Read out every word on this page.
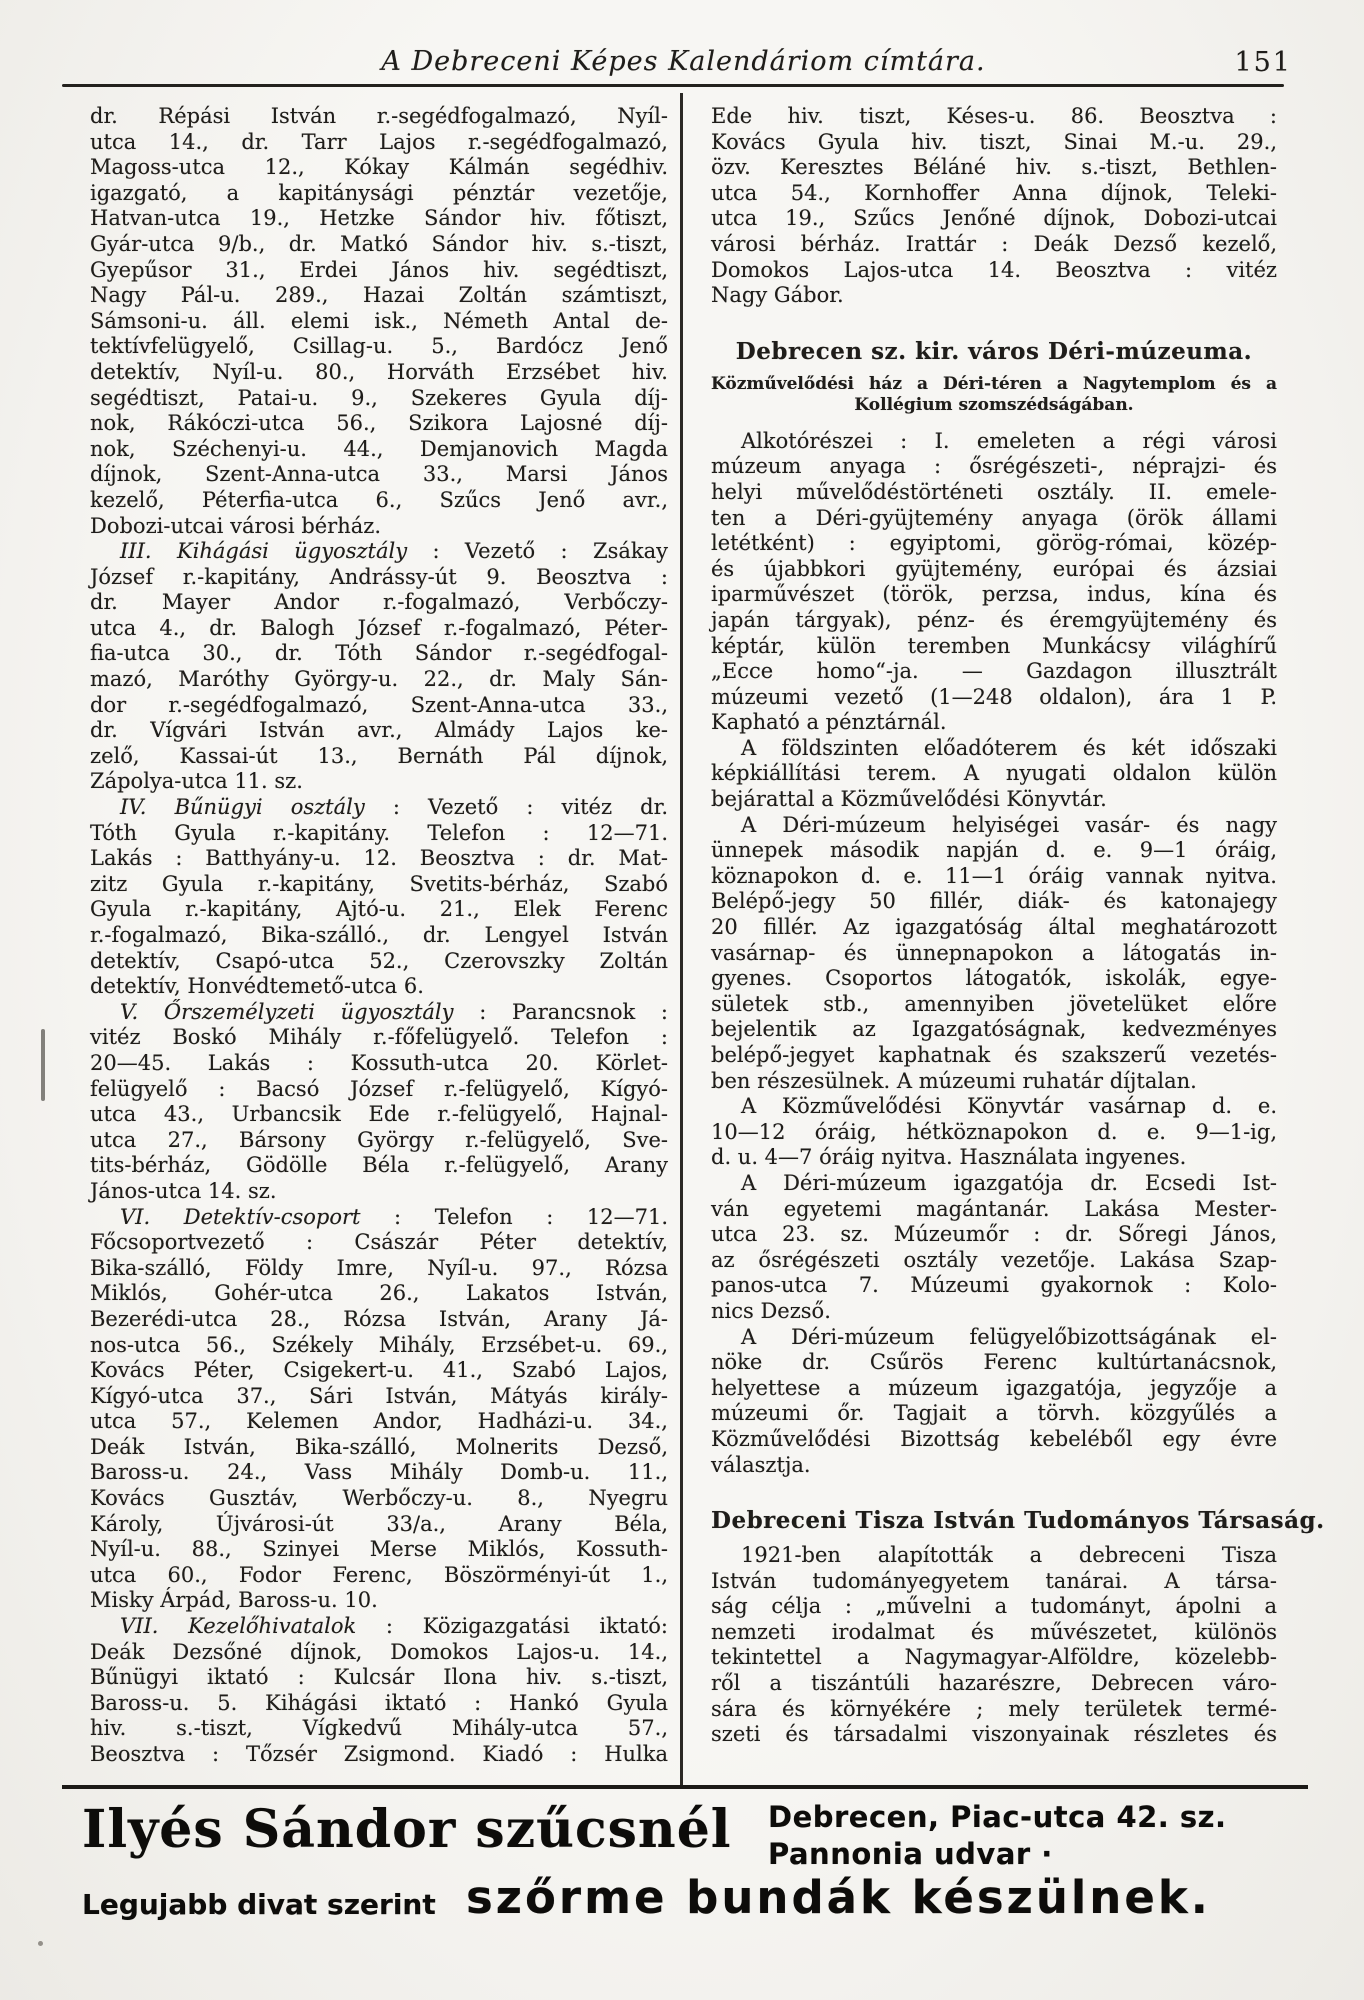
A Debreceni Képes Kalendáriom címtára.	151
dr. Répási István r.-segédfogalmazó, Nyíl-
utca 14., dr. Tarr Lajos r.-segédfogalmazó,
Magoss-utca 12., Kókay Kálmán segédhiv.
igazgató, a kapitánysági pénztár vezetője,
Hatvan-utca 19., Hetzke Sándor hiv. főtiszt,
Gyár-utca 9/b., dr. Matkó Sándor hiv. s.-tiszt,
Gyepűsor 31., Erdei János hiv. segédtiszt,
Nagy Pál-u. 289., Hazai Zoltán számtiszt,
Sámsoni-u. áll. elemi isk., Németh Antal de-
tektívfelügyelő, Csillag-u. 5., Bardócz Jenő
detektív, Nyíl-u. 80., Horváth Erzsébet hiv.
segédtiszt, Patai-u. 9., Szekeres Gyula díj-
nok, Rákóczi-utca 56., Szikora Lajosné díj-
nok, Széchenyi-u. 44., Demjanovich Magda
díjnok, Szent-Anna-utca 33., Marsi János
kezelő, Péterfia-utca 6., Szűcs Jenő avr.,
Dobozi-utcai városi bérház.
III. Kihágási ügyosztály : Vezető : Zsákay
József r.-kapitány, Andrássy-út 9. Beosztva :
dr. Mayer Andor r.-fogalmazó, Verbőczy-
utca 4., dr. Balogh József r.-fogalmazó, Péter-
fia-utca 30., dr. Tóth Sándor r.-segédfogal-
mazó, Maróthy György-u. 22., dr. Maly Sán-
dor r.-segédfogalmazó, Szent-Anna-utca 33.,
dr. Vígvári István avr., Almády Lajos ke-
zelő, Kassai-út 13., Bernáth Pál díjnok,
Zápolya-utca 11. sz.
IV. Bűnügyi osztály : Vezető : vitéz dr.
Tóth Gyula r.-kapitány. Telefon : 12—71.
Lakás : Batthyány-u. 12. Beosztva : dr. Mat-
zitz Gyula r.-kapitány, Svetits-bérház, Szabó
Gyula r.-kapitány, Ajtó-u. 21., Elek Ferenc
r.-fogalmazó, Bika-szálló., dr. Lengyel István
detektív, Csapó-utca 52., Czerovszky Zoltán
detektív, Honvédtemető-utca 6.
V. Őrszemélyzeti ügyosztály : Parancsnok :
vitéz Boskó Mihály r.-főfelügyelő. Telefon :
20—45. Lakás : Kossuth-utca 20. Körlet-
felügyelő : Bacsó József r.-felügyelő, Kígyó-
utca 43., Urbancsik Ede r.-felügyelő, Hajnal-
utca 27., Bársony György r.-felügyelő, Sve-
tits-bérház, Gödölle Béla r.-felügyelő, Arany
János-utca 14. sz.
VI. Detektív-csoport : Telefon : 12—71.
Főcsoportvezető : Császár Péter detektív,
Bika-szálló, Földy Imre, Nyíl-u. 97., Rózsa
Miklós, Gohér-utca 26., Lakatos István,
Bezerédi-utca 28., Rózsa István, Arany Já-
nos-utca 56., Székely Mihály, Erzsébet-u. 69.,
Kovács Péter, Csigekert-u. 41., Szabó Lajos,
Kígyó-utca 37., Sári István, Mátyás király-
utca 57., Kelemen Andor, Hadházi-u. 34.,
Deák István, Bika-szálló, Molnerits Dezső,
Baross-u. 24., Vass Mihály Domb-u. 11.,
Kovács Gusztáv, Werbőczy-u. 8., Nyegru
Károly, Újvárosi-út 33/a., Arany Béla,
Nyíl-u. 88., Szinyei Merse Miklós, Kossuth-
utca 60., Fodor Ferenc, Böszörményi-út 1.,
Misky Árpád, Baross-u. 10.
VII. Kezelőhivatalok : Közigazgatási iktató:
Deák Dezsőné díjnok, Domokos Lajos-u. 14.,
Bűnügyi iktató : Kulcsár Ilona hiv. s.-tiszt,
Baross-u. 5. Kihágási iktató : Hankó Gyula
hiv. s.-tiszt, Vígkedvű Mihály-utca 57.,
Beosztva : Tőzsér Zsigmond. Kiadó : Hulka
Ede hiv. tiszt, Késes-u. 86. Beosztva :
Kovács Gyula hiv. tiszt, Sinai M.-u. 29.,
özv. Keresztes Béláné hiv. s.-tiszt, Bethlen-
utca 54., Kornhoffer Anna díjnok, Teleki-
utca 19., Szűcs Jenőné díjnok, Dobozi-utcai
városi bérház. Irattár : Deák Dezső kezelő,
Domokos Lajos-utca 14. Beosztva : vitéz
Nagy Gábor.
Debrecen sz. kir. város Déri-múzeuma.
Közművelődési ház a Déri-téren a Nagytemplom és a
Kollégium szomszédságában.
Alkotórészei : I. emeleten a régi városi
múzeum anyaga : ősrégészeti-, néprajzi- és
helyi művelődéstörténeti osztály. II. emele-
ten a Déri-gyüjtemény anyaga (örök állami
letétként) : egyiptomi, görög-római, közép-
és újabbkori gyüjtemény, európai és ázsiai
iparművészet (török, perzsa, indus, kína és
japán tárgyak), pénz- és éremgyüjtemény és
képtár, külön teremben Munkácsy világhírű
„Ecce homo“-ja. — Gazdagon illusztrált
múzeumi vezető (1—248 oldalon), ára 1 P.
Kapható a pénztárnál.
A földszinten előadóterem és két időszaki
képkiállítási terem. A nyugati oldalon külön
bejárattal a Közművelődési Könyvtár.
A Déri-múzeum helyiségei vasár- és nagy
ünnepek második napján d. e. 9—1 óráig,
köznapokon d. e. 11—1 óráig vannak nyitva.
Belépő-jegy 50 fillér, diák- és katonajegy
20 fillér. Az igazgatóság által meghatározott
vasárnap- és ünnepnapokon a látogatás in-
gyenes. Csoportos látogatók, iskolák, egye-
sületek stb., amennyiben jövetelüket előre
bejelentik az Igazgatóságnak, kedvezményes
belépő-jegyet kaphatnak és szakszerű vezetés-
ben részesülnek. A múzeumi ruhatár díjtalan.
A Közművelődési Könyvtár vasárnap d. e.
10—12 óráig, hétköznapokon d. e. 9—1-ig,
d. u. 4—7 óráig nyitva. Használata ingyenes.
A Déri-múzeum igazgatója dr. Ecsedi Ist-
ván egyetemi magántanár. Lakása Mester-
utca 23. sz. Múzeumőr : dr. Sőregi János,
az ősrégészeti osztály vezetője. Lakása Szap-
panos-utca 7. Múzeumi gyakornok : Kolo-
nics Dezső.
A Déri-múzeum felügyelőbizottságának el-
nöke dr. Csűrös Ferenc kultúrtanácsnok,
helyettese a múzeum igazgatója, jegyzője a
múzeumi őr. Tagjait a törvh. közgyűlés a
Közművelődési Bizottság kebeléből egy évre
választja.
Debreceni Tisza István Tudományos Társaság.
1921-ben alapították a debreceni Tisza
István tudományegyetem tanárai. A társa-
ság célja : „művelni a tudományt, ápolni a
nemzeti irodalmat és művészetet, különös
tekintettel a Nagymagyar-Alföldre, közelebb-
ről a tiszántúli hazarészre, Debrecen váro-
sára és környékére ; mely területek termé-
szeti és társadalmi viszonyainak részletes és
Ilyés Sándor szűcsnél Debrecen, Piac-utca 42. sz.
Pannonia udvar ·
Legujabb divat szerint szőrme bundák készülnek.
